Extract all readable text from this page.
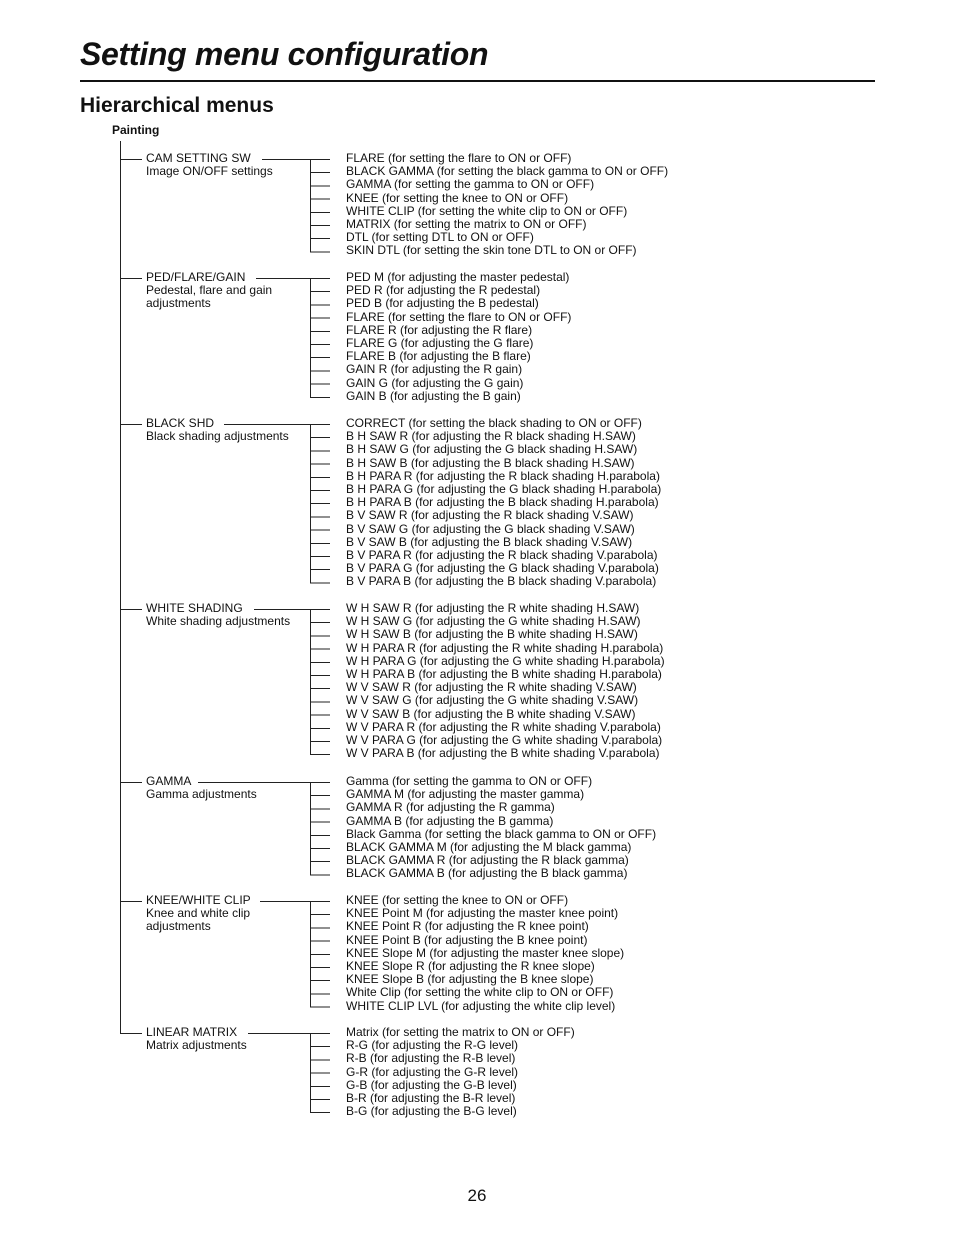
Setting menu configuration
Hierarchical menus
Painting
CAM SETTING SW
Image ON/OFF settings
FLARE (for setting the flare to ON or OFF)
BLACK GAMMA (for setting the black gamma to ON or OFF)
GAMMA (for setting the gamma to ON or OFF)
KNEE (for setting the knee to ON or OFF)
WHITE CLIP (for setting the white clip to ON or OFF)
MATRIX (for setting the matrix to ON or OFF)
DTL (for setting DTL to ON or OFF)
SKIN DTL (for setting the skin tone DTL to ON or OFF)
PED/FLARE/GAIN
Pedestal, flare and gain adjustments
PED M (for adjusting the master pedestal)
PED R (for adjusting the R pedestal)
PED B (for adjusting the B pedestal)
FLARE (for setting the flare to ON or OFF)
FLARE R (for adjusting the R flare)
FLARE G (for adjusting the G flare)
FLARE B (for adjusting the B flare)
GAIN R (for adjusting the R gain)
GAIN G (for adjusting the G gain)
GAIN B (for adjusting the B gain)
BLACK SHD
Black shading adjustments
CORRECT (for setting the black shading to ON or OFF)
B H SAW R (for adjusting the R black shading H.SAW)
B H SAW G (for adjusting the G black shading H.SAW)
B H SAW B (for adjusting the B black shading H.SAW)
B H PARA R (for adjusting the R black shading H.parabola)
B H PARA G (for adjusting the G black shading H.parabola)
B H PARA B (for adjusting the B black shading H.parabola)
B V SAW R (for adjusting the R black shading V.SAW)
B V SAW G (for adjusting the G black shading V.SAW)
B V SAW B (for adjusting the B black shading V.SAW)
B V PARA R (for adjusting the R black shading V.parabola)
B V PARA G (for adjusting the G black shading V.parabola)
B V PARA B (for adjusting the B black shading V.parabola)
WHITE SHADING
White shading adjustments
W H SAW R (for adjusting the R white shading H.SAW)
W H SAW G (for adjusting the G white shading H.SAW)
W H SAW B (for adjusting the B white shading H.SAW)
W H PARA R (for adjusting the R white shading H.parabola)
W H PARA G (for adjusting the G white shading H.parabola)
W H PARA B (for adjusting the B white shading H.parabola)
W V SAW R (for adjusting the R white shading V.SAW)
W V SAW G (for adjusting the G white shading V.SAW)
W V SAW B (for adjusting the B white shading V.SAW)
W V PARA R (for adjusting the R white shading V.parabola)
W V PARA G (for adjusting the G white shading V.parabola)
W V PARA B (for adjusting the B white shading V.parabola)
GAMMA
Gamma adjustments
Gamma (for setting the gamma to ON or OFF)
GAMMA M (for adjusting the master gamma)
GAMMA R (for adjusting the R gamma)
GAMMA B (for adjusting the B gamma)
Black Gamma (for setting the black gamma to ON or OFF)
BLACK GAMMA M (for adjusting the M black gamma)
BLACK GAMMA R (for adjusting the R black gamma)
BLACK GAMMA B (for adjusting the B black gamma)
KNEE/WHITE CLIP
Knee and white clip adjustments
KNEE (for setting the knee to ON or OFF)
KNEE Point M (for adjusting the master knee point)
KNEE Point R (for adjusting the R knee point)
KNEE Point B (for adjusting the B knee point)
KNEE Slope M (for adjusting the master knee slope)
KNEE Slope R (for adjusting the R knee slope)
KNEE Slope B (for adjusting the B knee slope)
White Clip (for setting the white clip to ON or OFF)
WHITE CLIP LVL (for adjusting the white clip level)
LINEAR MATRIX
Matrix adjustments
Matrix (for setting the matrix to ON or OFF)
R-G (for adjusting the R-G level)
R-B (for adjusting the R-B level)
G-R (for adjusting the G-R level)
G-B (for adjusting the G-B level)
B-R (for adjusting the B-R level)
B-G (for adjusting the B-G level)
26
